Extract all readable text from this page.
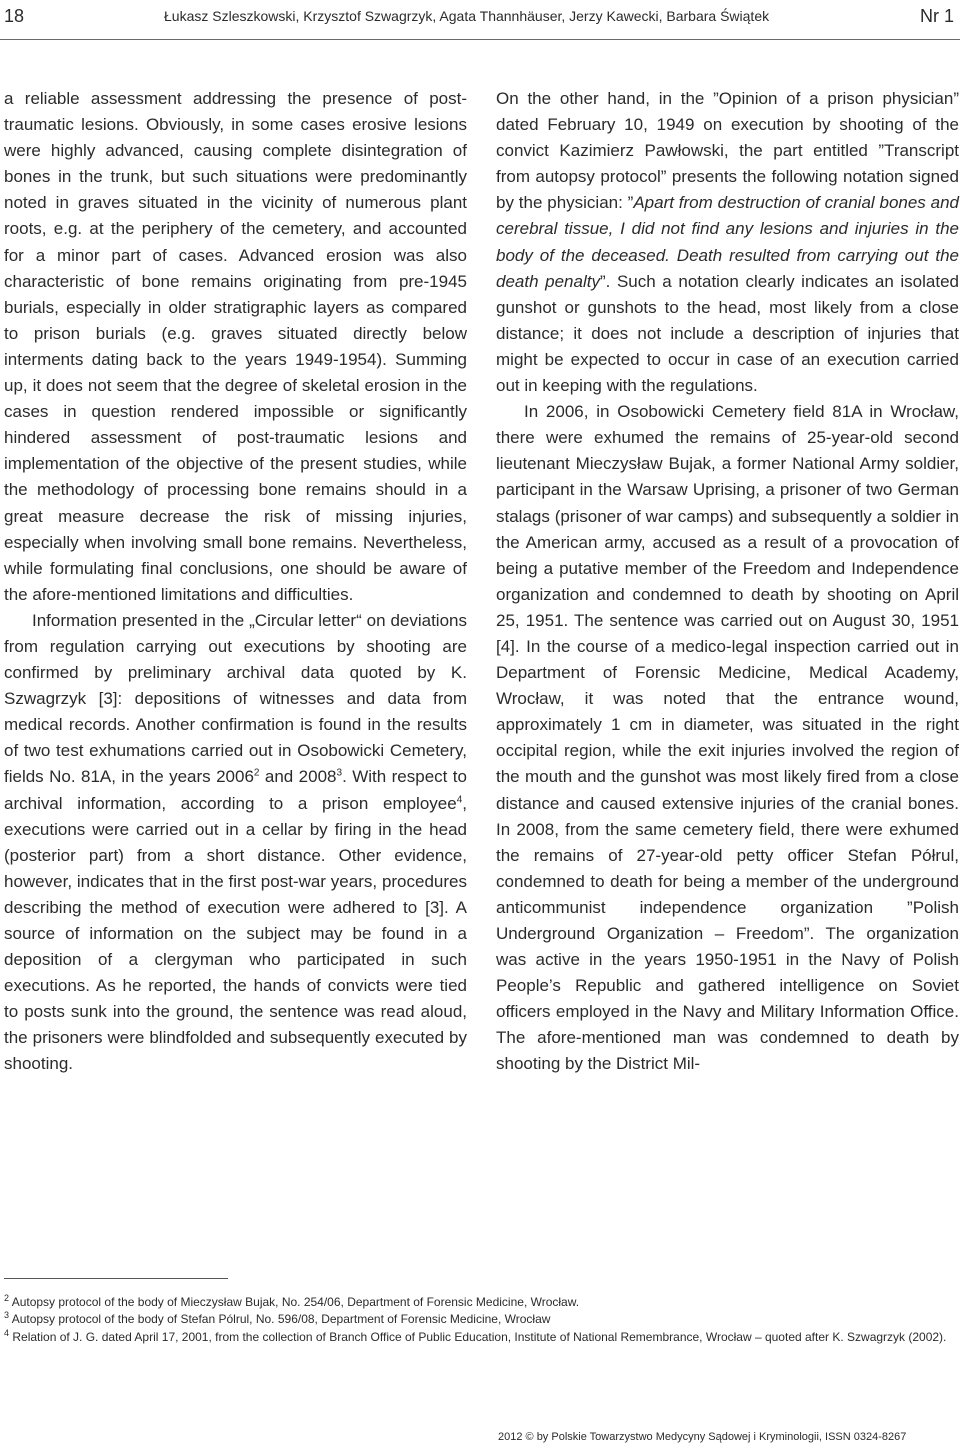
18	Łukasz Szleszkowski, Krzysztof Szwagrzyk, Agata Thannhäuser, Jerzy Kawecki, Barbara Świątek	Nr 1

a reliable assessment addressing the presence of post-traumatic lesions. Obviously, in some cases erosive lesions were highly advanced, causing complete disintegration of bones in the trunk, but such situations were predominantly noted in graves situated in the vicinity of numerous plant roots, e.g. at the periphery of the cemetery, and accounted for a minor part of cases. Advanced erosion was also characteristic of bone remains originating from pre-1945 burials, especially in older stratigraphic layers as compared to prison burials (e.g. graves situated directly below interments dating back to the years 1949-1954). Summing up, it does not seem that the degree of skeletal erosion in the cases in question rendered impossible or significantly hindered assessment of post-traumatic lesions and implementation of the objective of the present studies, while the methodology of processing bone remains should in a great measure decrease the risk of missing injuries, especially when involving small bone remains. Nevertheless, while formulating final conclusions, one should be aware of the afore-mentioned limitations and difficulties.

Information presented in the „Circular letter“ on deviations from regulation carrying out executions by shooting are confirmed by preliminary archival data quoted by K. Szwagrzyk [3]: depositions of witnesses and data from medical records. Another confirmation is found in the results of two test exhumations carried out in Osobowicki Cemetery, fields No. 81A, in the years 2006$^2$ and 2008$^3$. With respect to archival information, according to a prison employee$^4$, executions were carried out in a cellar by firing in the head (posterior part) from a short distance. Other evidence, however, indicates that in the first post-war years, procedures describing the method of execution were adhered to [3]. A source of information on the subject may be found in a deposition of a clergyman who participated in such executions. As he reported, the hands of convicts were tied to posts sunk into the ground, the sentence was read aloud, the prisoners were blindfolded and subsequently executed by shooting.

On the other hand, in the ”Opinion of a prison physician” dated February 10, 1949 on execution by shooting of the convict Kazimierz Pawłowski, the part entitled ”Transcript from autopsy protocol” presents the following notation signed by the physician: ”Apart from destruction of cranial bones and cerebral tissue, I did not find any lesions and injuries in the body of the deceased. Death resulted from carrying out the death penalty”. Such a notation clearly indicates an isolated gunshot or gunshots to the head, most likely from a close distance; it does not include a description of injuries that might be expected to occur in case of an execution carried out in keeping with the regulations.

In 2006, in Osobowicki Cemetery field 81A in Wrocław, there were exhumed the remains of 25-year-old second lieutenant Mieczysław Bujak, a former National Army soldier, participant in the Warsaw Uprising, a prisoner of two German stalags (prisoner of war camps) and subsequently a soldier in the American army, accused as a result of a provocation of being a putative member of the Freedom and Independence organization and condemned to death by shooting on April 25, 1951. The sentence was carried out on August 30, 1951 [4]. In the course of a medico-legal inspection carried out in Department of Forensic Medicine, Medical Academy, Wrocław, it was noted that the entrance wound, approximately 1 cm in diameter, was situated in the right occipital region, while the exit injuries involved the region of the mouth and the gunshot was most likely fired from a close distance and caused extensive injuries of the cranial bones. In 2008, from the same cemetery field, there were exhumed the remains of 27-year-old petty officer Stefan Półrul, condemned to death for being a member of the underground anticommunist independence organization ”Polish Underground Organization – Freedom”. The organization was active in the years 1950-1951 in the Navy of Polish People’s Republic and gathered intelligence on Soviet officers employed in the Navy and Military Information Office. The afore-mentioned man was condemned to death by shooting by the District Mil-

$^2$ Autopsy protocol of the body of Mieczysław Bujak, No. 254/06, Department of Forensic Medicine, Wrocław.

$^3$ Autopsy protocol of the body of Stefan Pólrul, No. 596/08, Department of Forensic Medicine, Wrocław

$^4$ Relation of J. G. dated April 17, 2001, from the collection of Branch Office of Public Education, Institute of National Remembrance, Wrocław – quoted after K. Szwagrzyk (2002).

2012 © by Polskie Towarzystwo Medycyny Sądowej i Kryminologii, ISSN 0324-8267
